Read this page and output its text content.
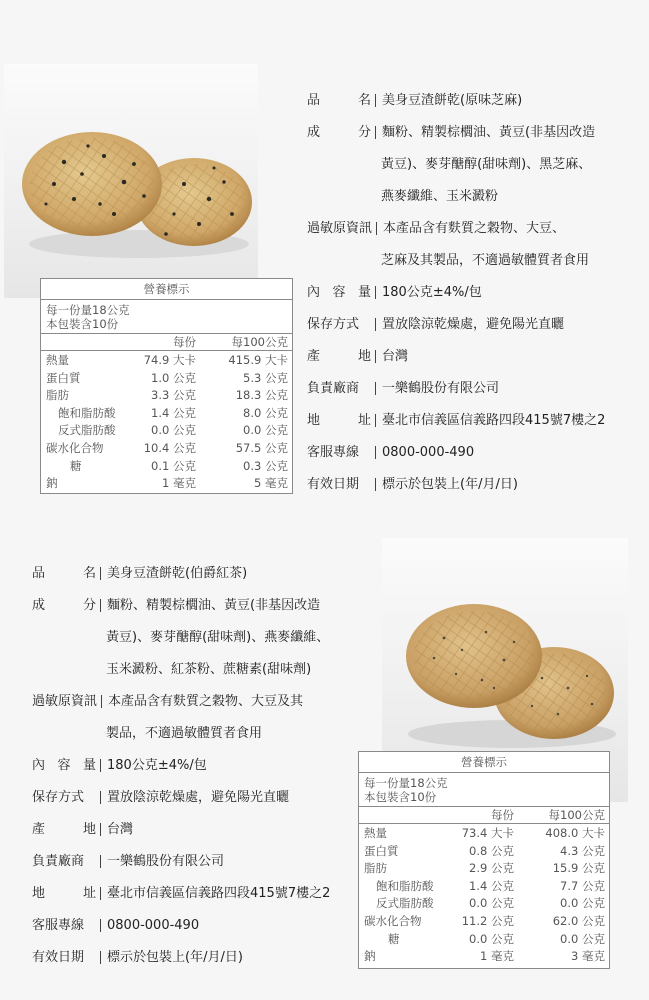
品	名 美身豆渣餅乾(原味芝麻)
成	分 麵粉、精製棕櫚油、黃豆(非基因改造
黃豆)、麥芽醣醇(甜味劑)、黑芝麻、
燕麥纖維、玉米澱粉
過敏原資訊 本產品含有麩質之穀物、大豆、
芝麻及其製品，不適過敏體質者食用
內 容 量 180公克±4%/包
保存方式	置放陰涼乾燥處，避免陽光直曬
產	地 台灣
負責廠商	一樂鶴股份有限公司
地	址 臺北市信義區信義路四段415號7樓之2
客服專線	0800-000-490
有效日期	標示於包裝上(年/月/日)
營養標示
每一份量18公克
本包裝含10份
每份	每100公克
熱量	74.9 大卡	415.9 大卡
蛋白質	1.0 公克	5.3 公克
脂肪	3.3 公克	18.3 公克
飽和脂肪酸	1.4 公克	8.0 公克
反式脂肪酸	0.0 公克	0.0 公克
碳水化合物	10.4 公克	57.5 公克
糖	0.1 公克	0.3 公克
鈉	1 毫克	5 毫克
品	名 美身豆渣餅乾(伯爵紅茶)
成	分 麵粉、精製棕櫚油、黃豆(非基因改造
黃豆)、麥芽醣醇(甜味劑)、燕麥纖維、
玉米澱粉、紅茶粉、蔗糖素(甜味劑)
過敏原資訊 本產品含有麩質之穀物、大豆及其
製品，不適過敏體質者食用
內 容 量 180公克±4%/包
保存方式	置放陰涼乾燥處，避免陽光直曬
產	地 台灣
負責廠商	一樂鶴股份有限公司
地	址 臺北市信義區信義路四段415號7樓之2
客服專線	0800-000-490
有效日期	標示於包裝上(年/月/日)
營養標示
每一份量18公克
本包裝含10份
每份	每100公克
熱量	73.4 大卡	408.0 大卡
蛋白質	0.8 公克	4.3 公克
脂肪	2.9 公克	15.9 公克
飽和脂肪酸	1.4 公克	7.7 公克
反式脂肪酸	0.0 公克	0.0 公克
碳水化合物	11.2 公克	62.0 公克
糖	0.0 公克	0.0 公克
鈉	1 毫克	3 毫克
